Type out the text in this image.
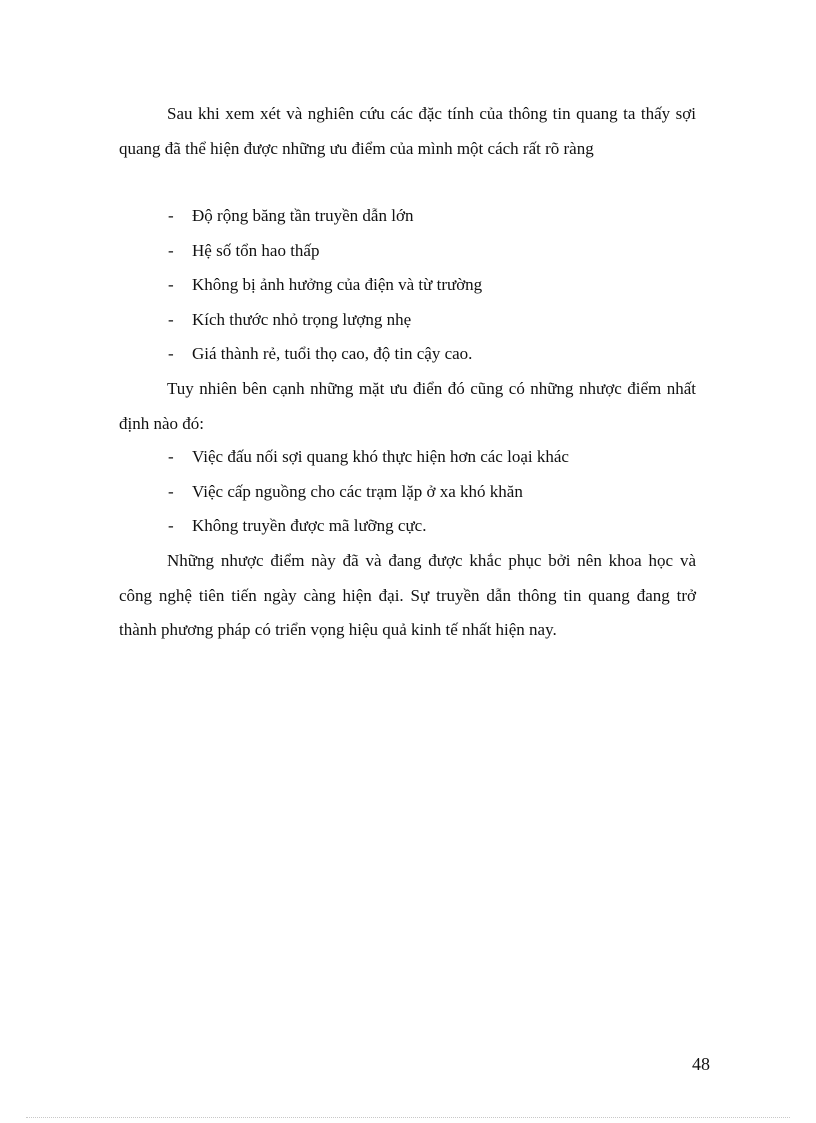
Sau khi xem xét và nghiên cứu các đặc tính của thông tin quang ta thấy sợi quang đã thể hiện được những ưu điểm của mình một cách rất rõ ràng

- Độ rộng băng tần truyền dẫn lớn
- Hệ số tổn hao thấp
- Không bị ảnh hưởng của điện và từ trường
- Kích thước nhỏ trọng lượng nhẹ
- Giá thành rẻ, tuổi thọ cao, độ tin cậy cao.

Tuy nhiên bên cạnh những mặt ưu điển đó cũng có những nhược điểm nhất định nào đó:

- Việc đấu nối sợi quang khó thực hiện hơn các loại khác
- Việc cấp nguồng cho các trạm lặp ở xa khó khăn
- Không truyền được mã lưỡng cực.

Những nhược điểm này đã và đang được khắc phục bởi nên khoa học và công nghệ tiên tiến ngày càng hiện đại. Sự truyền dẫn thông tin quang đang trở thành phương pháp có triển vọng hiệu quả kinh tế nhất hiện nay.

48
